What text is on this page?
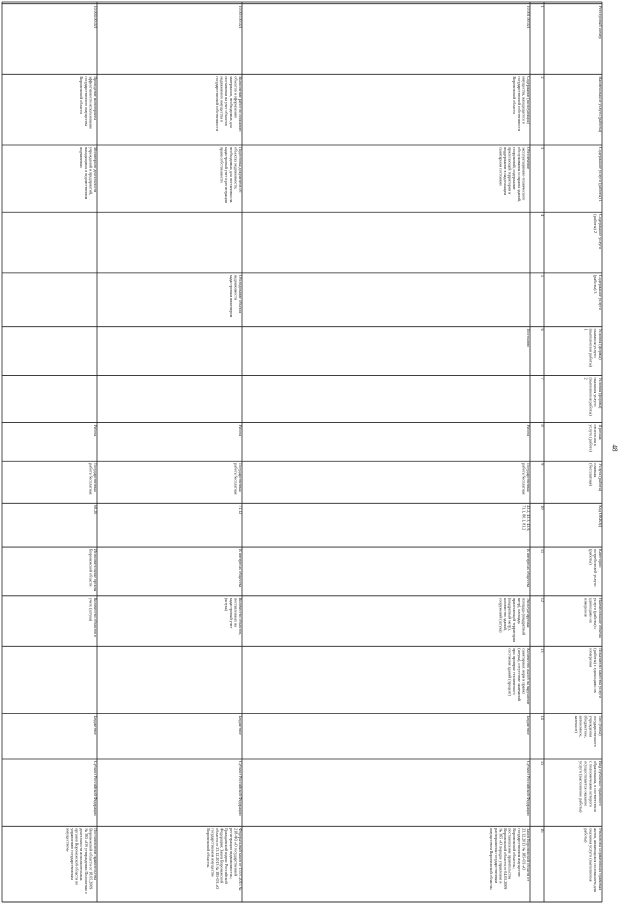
48
Реестровый номер
1
Наименование услуги (работы)
2
Содержание услуги (работы) 1
3
Содержание услуги
(работы) 2
4
Содержание услуги
(работы) 3
5
Условия (формы)
оказания услуги
(выполнения работы)
1
6
Условия (формы)
оказания услуги
(выполнения работы)
2
7
Признак
отнесения к
услуге (работе)
8
Услуга (работа)
платная
(бесплатная)
9
Код ОКВЭД
10
Категории
потребителей услуги
(работы)
11
Наименование объема
услуги (работы) с
единицами их
измерения
12
Показатели качества услуги
(работы) с единицами их
измерения
13
Тип (типы)
государственного
учреждения
(бюджетное,
автономное,
казенное)
14
Вид публично-правового
образования, в соответствии
с полномочиями которого
осуществляется оказание
услуги (выполнение работы)
15
Реквизиты нормативных правовых
актов, являющихся основанием для
оказания услуги (выполнения
работы)
16
10.001.00.021
Содержание (эксплуатация)
имущества, находящегося в
государственной собственности
Воронежской области
Обеспечение
эксплуатационно-технического
обслуживания и охраны зданий,
сооружений, содержание
прилегающей территории и
поддержание в надлежащем
санитарном состоянии
Постоянно
Работа
Государственная
работа бесплатная
43.2, 43.3, 43.9,
71.1, 80.1, 81.2
В интересах общества
Эксплуатируемая
площадь (квадратный
метр), площадь
прилегающей территории
(квадратный метр),
количество зданий,
сооружений (штука)
Количество жалоб на нарушение
санитарных норм и правил
(штука), отсутствие замечаний
при проверке технического
состояния зданий (процент)
Бюджетное
Субъект Российской Федерации
Закон Воронежской области от
23.12.2013 № 185-ОЗ «О
государственном имуществе
Воронежской области»;
постановление правительства
Воронежской области от 04.05.2009
№ 365 «О порядке управления и
распоряжения государственным
имуществом Воронежской области»
10.003.00.021
Выполнение работ по описанию
объектов и оформлению
материалов, необходимых для
постановки на учет объектов
недвижимого имущества в
государственной собственности
Подготовка документов об
объектах недвижимости,
необходимых для постановки на
кадастровый учет и регистрации
права собственности
Обследование объекта
недвижимости
кадастровым инженером
Работа
Государственная
работа бесплатная
71.12
В интересах общества
Количество объектов,
поставленных на
кадастровый учет
(штука)
Бюджетное
Субъект Российской Федерации
Федеральный закон от 13.07.2015 №
218-ФЗ «О государственной
регистрации недвижимости»;
Гражданский кодекс Российской
Федерации; Закон Воронежской
области от 23.12.2013 № 185-ОЗ «О
государственном имуществе
Воронежской области»
10.004.00.021
Проведение мониторинга
эффективности использования
государственного имущества
Воронежской области
Мониторинг деятельности
учреждений и предприятий,
находящихся в ведомственном
подчинении
Работа
Государственная
работа бесплатная
68.20
Исполнительные органы
Воронежской области
Количество объектов в
учете (штука)
Бюджетное
Субъект Российской Федерации
Постановление правительства
Воронежской области от 18.05.2009
№ 365 «Об утверждении Положения о
деятельности исполнительных
органов Воронежской области по
управлению государственным
имуществом»
